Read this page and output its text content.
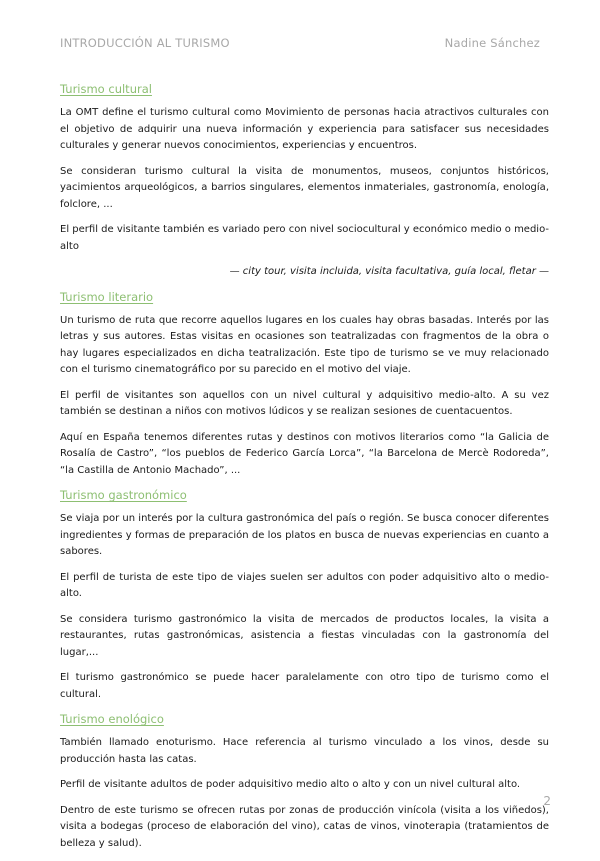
INTRODUCCIÓN AL TURISMO	Nadine Sánchez
Turismo cultural

La OMT define el turismo cultural como Movimiento de personas hacia atractivos culturales con el objetivo de adquirir una nueva información y experiencia para satisfacer sus necesidades culturales y generar nuevos conocimientos, experiencias y encuentros.

Se consideran turismo cultural la visita de monumentos, museos, conjuntos históricos, yacimientos arqueológicos, a barrios singulares, elementos inmateriales, gastronomía, enología, folclore, ...

El perfil de visitante también es variado pero con nivel sociocultural y económico medio o medio-alto

— city tour, visita incluida, visita facultativa, guía local, fletar —

Turismo literario

Un turismo de ruta que recorre aquellos lugares en los cuales hay obras basadas. Interés por las letras y sus autores. Estas visitas en ocasiones son teatralizadas con fragmentos de la obra o hay lugares especializados en dicha teatralización. Este tipo de turismo se ve muy relacionado con el turismo cinematográfico por su parecido en el motivo del viaje.

El perfil de visitantes son aquellos con un nivel cultural y adquisitivo medio-alto. A su vez también se destinan a niños con motivos lúdicos y se realizan sesiones de cuentacuentos.

Aquí en España tenemos diferentes rutas y destinos con motivos literarios como “la Galicia de Rosalía de Castro”, “los pueblos de Federico García Lorca”, “la Barcelona de Mercè Rodoreda”, “la Castilla de Antonio Machado”, ...

Turismo gastronómico

Se viaja por un interés por la cultura gastronómica del país o región. Se busca conocer diferentes ingredientes y formas de preparación de los platos en busca de nuevas experiencias en cuanto a sabores.

El perfil de turista de este tipo de viajes suelen ser adultos con poder adquisitivo alto o medio-alto.

Se considera turismo gastronómico la visita de mercados de productos locales, la visita a restaurantes, rutas gastronómicas, asistencia a fiestas vinculadas con la gastronomía del lugar,...

El turismo gastronómico se puede hacer paralelamente con otro tipo de turismo como el cultural.

Turismo enológico

También llamado enoturismo. Hace referencia al turismo vinculado a los vinos, desde su producción hasta las catas.

Perfil de visitante adultos de poder adquisitivo medio alto o alto y con un nivel cultural alto.

Dentro de este turismo se ofrecen rutas por zonas de producción vinícola (visita a los viñedos), visita a bodegas (proceso de elaboración del vino), catas de vinos, vinoterapia (tratamientos de belleza y salud).

2
